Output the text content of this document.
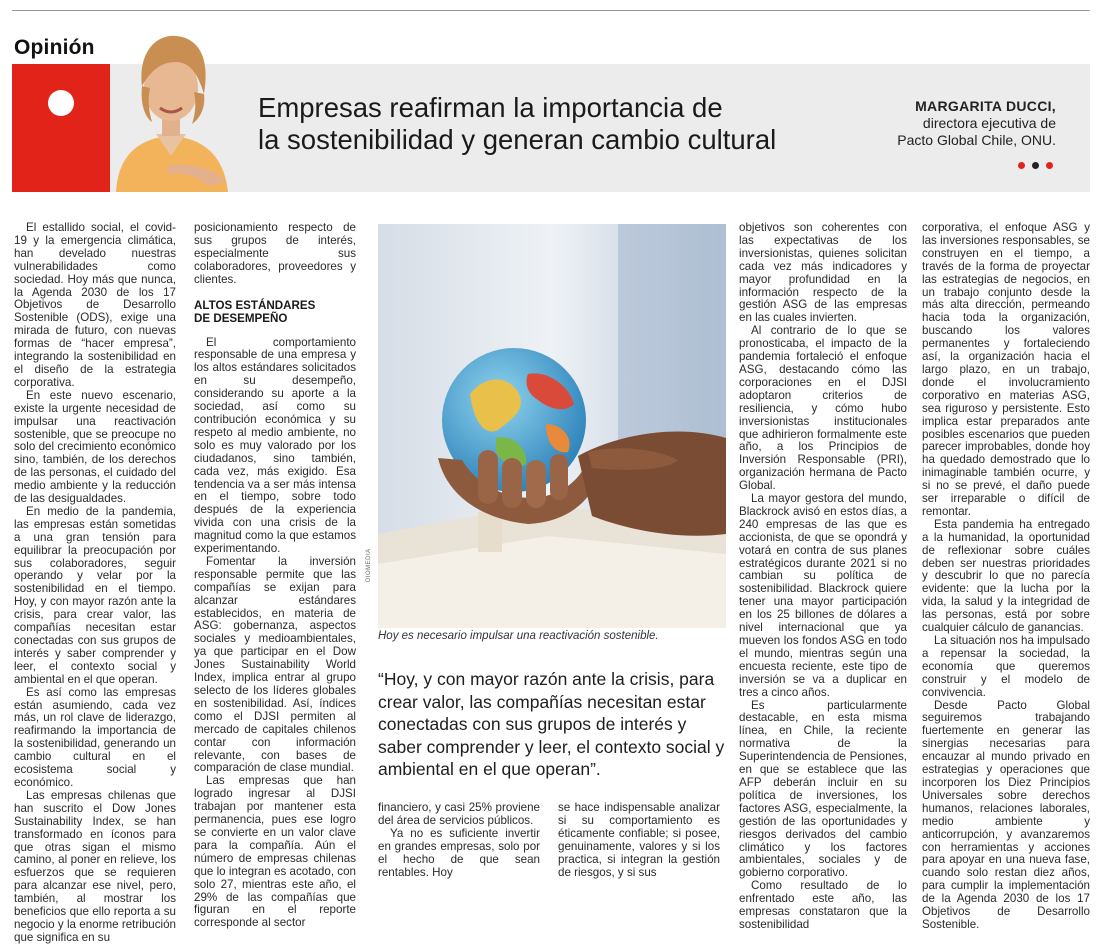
Opinión
Empresas reafirman la importancia de
la sostenibilidad y generan cambio cultural
MARGARITA DUCCI,
directora ejecutiva de
Pacto Global Chile, ONU.

El estallido social, el covid-19 y la emergencia climática, han develado nuestras vulnerabilidades como sociedad. Hoy más que nunca, la Agenda 2030 de los 17 Objetivos de Desarrollo Sostenible (ODS), exige una mirada de futuro, con nuevas formas de “hacer empresa”, integrando la sostenibilidad en el diseño de la estrategia corporativa.

En este nuevo escenario, existe la urgente necesidad de impulsar una reactivación sostenible, que se preocupe no solo del crecimiento económico sino, también, de los derechos de las personas, el cuidado del medio ambiente y la reducción de las desigualdades.

En medio de la pandemia, las empresas están sometidas a una gran tensión para equilibrar la preocupación por sus colaboradores, seguir operando y velar por la sostenibilidad en el tiempo. Hoy, y con mayor razón ante la crisis, para crear valor, las compañías necesitan estar conectadas con sus grupos de interés y saber comprender y leer, el contexto social y ambiental en el que operan.

Es así como las empresas están asumiendo, cada vez más, un rol clave de liderazgo, reafirmando la importancia de la sostenibilidad, generando un cambio cultural en el ecosistema social y económico.

Las empresas chilenas que han suscrito el Dow Jones Sustainability Index, se han transformado en íconos para que otras sigan el mismo camino, al poner en relieve, los esfuerzos que se requieren para alcanzar ese nivel, pero, también, al mostrar los beneficios que ello reporta a su negocio y la enorme retribución que significa en su

posicionamiento respecto de sus grupos de interés, especialmente sus colaboradores, proveedores y clientes.

ALTOS ESTÁNDARES
DE DESEMPEÑO

El comportamiento responsable de una empresa y los altos estándares solicitados en su desempeño, considerando su aporte a la sociedad, así como su contribución económica y su respeto al medio ambiente, no solo es muy valorado por los ciudadanos, sino también, cada vez, más exigido. Esa tendencia va a ser más intensa en el tiempo, sobre todo después de la experiencia vivida con una crisis de la magnitud como la que estamos experimentando.

Fomentar la inversión responsable permite que las compañías se exijan para alcanzar estándares establecidos, en materia de ASG: gobernanza, aspectos sociales y medioambientales, ya que participar en el Dow Jones Sustainability World Index, implica entrar al grupo selecto de los líderes globales en sostenibilidad. Así, índices como el DJSI permiten al mercado de capitales chilenos contar con información relevante, con bases de comparación de clase mundial.

Las empresas que han logrado ingresar al DJSI trabajan por mantener esta permanencia, pues ese logro se convierte en un valor clave para la compañía. Aún el número de empresas chilenas que lo integran es acotado, con solo 27, mientras este año, el 29% de las compañías que figuran en el reporte corresponde al sector

DIOMEDIA
Hoy es necesario impulsar una reactivación sostenible.
“Hoy, y con mayor razón ante la crisis, para crear valor, las compañías necesitan estar conectadas con sus grupos de interés y saber comprender y leer, el contexto social y ambiental en el que operan”.

financiero, y casi 25% proviene del área de servicios públicos.

Ya no es suficiente invertir en grandes empresas, solo por el hecho de que sean rentables. Hoy

se hace indispensable analizar si su comportamiento es éticamente confiable; si posee, genuinamente, valores y si los practica, si integran la gestión de riesgos, y si sus

objetivos son coherentes con las expectativas de los inversionistas, quienes solicitan cada vez más indicadores y mayor profundidad en la información respecto de la gestión ASG de las empresas en las cuales invierten.

Al contrario de lo que se pronosticaba, el impacto de la pandemia fortaleció el enfoque ASG, destacando cómo las corporaciones en el DJSI adoptaron criterios de resiliencia, y cómo hubo inversionistas institucionales que adhirieron formalmente este año, a los Principios de Inversión Responsable (PRI), organización hermana de Pacto Global.

La mayor gestora del mundo, Blackrock avisó en estos días, a 240 empresas de las que es accionista, de que se opondrá y votará en contra de sus planes estratégicos durante 2021 si no cambian su política de sostenibilidad. Blackrock quiere tener una mayor participación en los 25 billones de dólares a nivel internacional que ya mueven los fondos ASG en todo el mundo, mientras según una encuesta reciente, este tipo de inversión se va a duplicar en tres a cinco años.

Es particularmente destacable, en esta misma línea, en Chile, la reciente normativa de la Superintendencia de Pensiones, en que se establece que las AFP deberán incluir en su política de inversiones, los factores ASG, especialmente, la gestión de las oportunidades y riesgos derivados del cambio climático y los factores ambientales, sociales y de gobierno corporativo.

Como resultado de lo enfrentado este año, las empresas constataron que la sostenibilidad

corporativa, el enfoque ASG y las inversiones responsables, se construyen en el tiempo, a través de la forma de proyectar las estrategias de negocios, en un trabajo conjunto desde la más alta dirección, permeando hacia toda la organización, buscando los valores permanentes y fortaleciendo así, la organización hacia el largo plazo, en un trabajo, donde el involucramiento corporativo en materias ASG, sea riguroso y persistente. Esto implica estar preparados ante posibles escenarios que pueden parecer improbables, donde hoy ha quedado demostrado que lo inimaginable también ocurre, y si no se prevé, el daño puede ser irreparable o difícil de remontar.

Esta pandemia ha entregado a la humanidad, la oportunidad de reflexionar sobre cuáles deben ser nuestras prioridades y descubrir lo que no parecía evidente: que la lucha por la vida, la salud y la integridad de las personas, está por sobre cualquier cálculo de ganancias.

La situación nos ha impulsado a repensar la sociedad, la economía que queremos construir y el modelo de convivencia.

Desde Pacto Global seguiremos trabajando fuertemente en generar las sinergias necesarias para encauzar al mundo privado en estrategias y operaciones que incorporen los Diez Principios Universales sobre derechos humanos, relaciones laborales, medio ambiente y anticorrupción, y avanzaremos con herramientas y acciones para apoyar en una nueva fase, cuando solo restan diez años, para cumplir la implementación de la Agenda 2030 de los 17 Objetivos de Desarrollo Sostenible.
